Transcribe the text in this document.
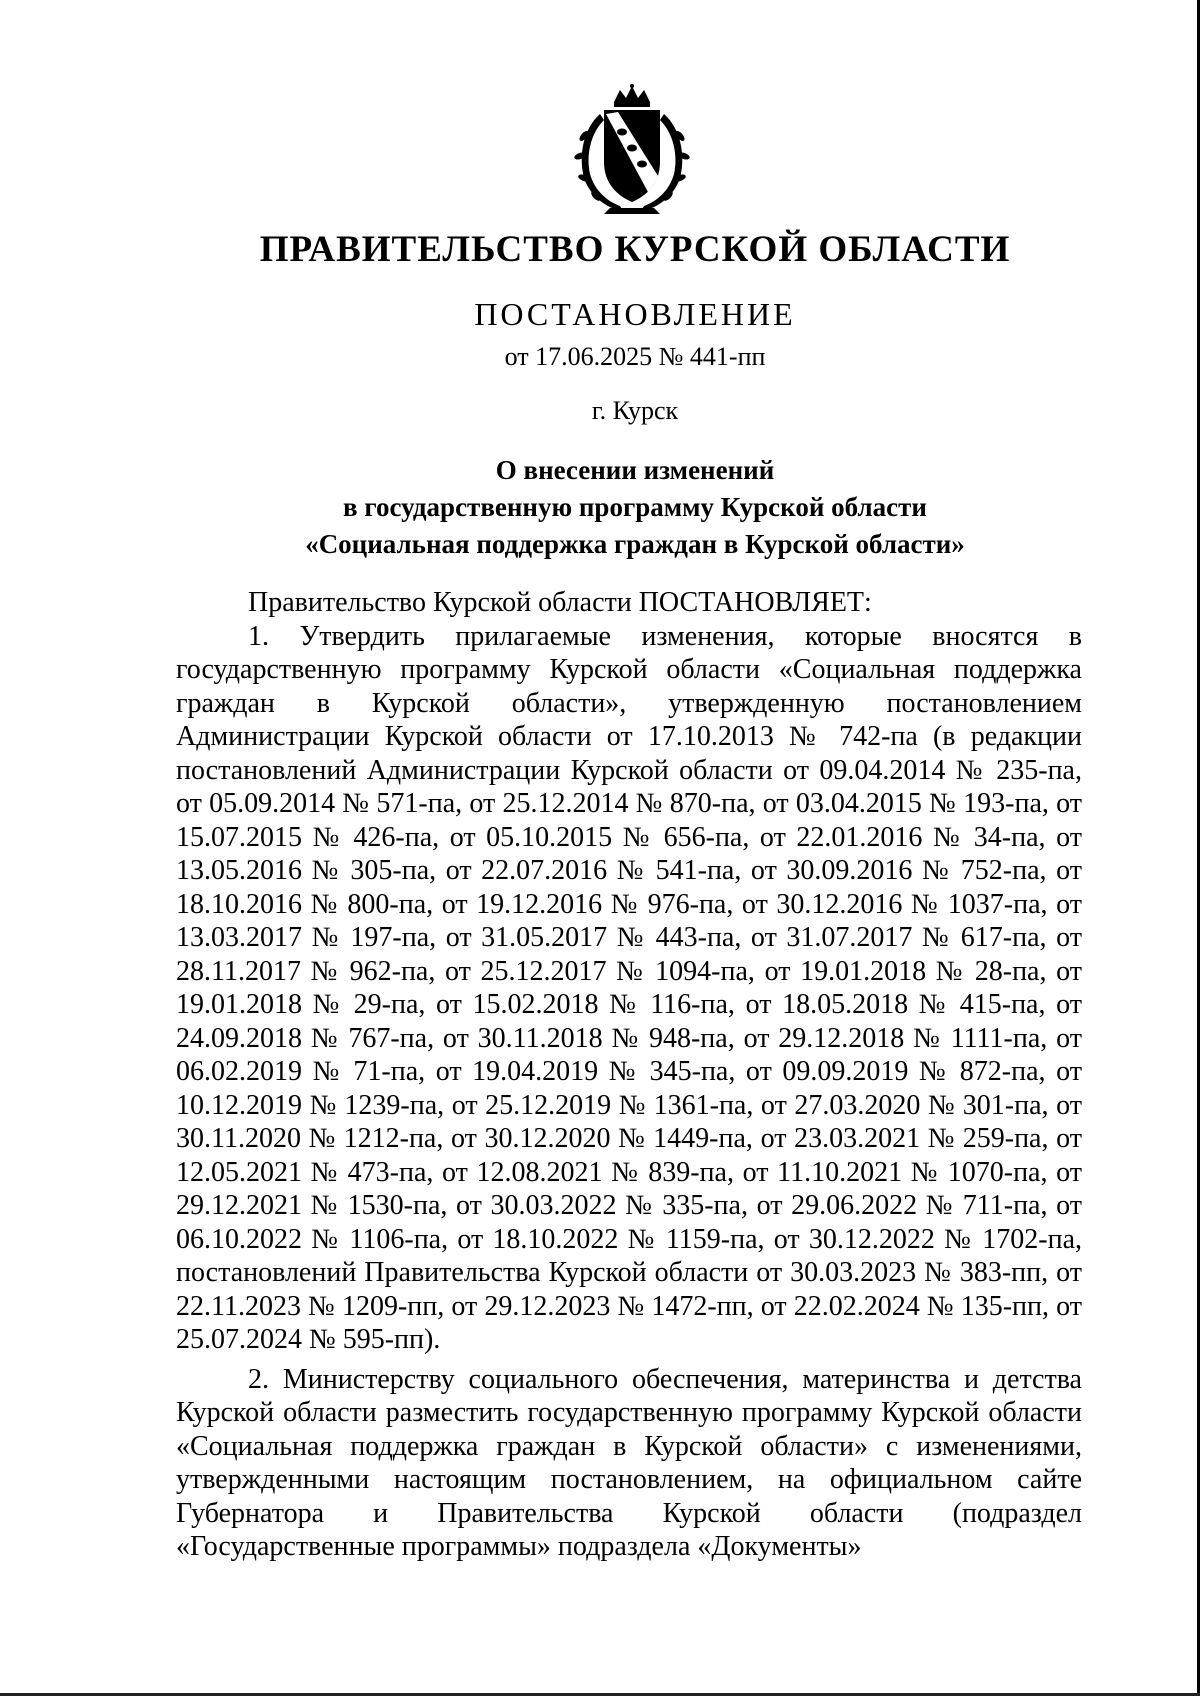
ПРАВИТЕЛЬСТВО КУРСКОЙ ОБЛАСТИ
ПОСТАНОВЛЕНИЕ
от 17.06.2025 № 441-пп
г. Курск
О внесении изменений
в государственную программу Курской области
«Социальная поддержка граждан в Курской области»

Правительство Курской области ПОСТАНОВЛЯЕТ:

1. Утвердить прилагаемые изменения, которые вносятся в государственную программу Курской области «Социальная поддержка граждан в Курской области», утвержденную постановлением Администрации Курской области от 17.10.2013 № 742-па (в редакции постановлений Администрации Курской области от 09.04.2014 № 235-па, от 05.09.2014 № 571-па, от 25.12.2014 № 870-па, от 03.04.2015 № 193-па, от 15.07.2015 № 426-па, от 05.10.2015 № 656-па, от 22.01.2016 № 34-па, от 13.05.2016 № 305-па, от 22.07.2016 № 541-па, от 30.09.2016 № 752-па, от 18.10.2016 № 800-па, от 19.12.2016 № 976-па, от 30.12.2016 № 1037-па, от 13.03.2017 № 197-па, от 31.05.2017 № 443-па, от 31.07.2017 № 617-па, от 28.11.2017 № 962-па, от 25.12.2017 № 1094-па, от 19.01.2018 № 28-па, от 19.01.2018 № 29-па, от 15.02.2018 № 116-па, от 18.05.2018 № 415-па, от 24.09.2018 № 767-па, от 30.11.2018 № 948-па, от 29.12.2018 № 1111-па, от 06.02.2019 № 71-па, от 19.04.2019 № 345-па, от 09.09.2019 № 872-па, от 10.12.2019 № 1239-па, от 25.12.2019 № 1361-па, от 27.03.2020 № 301-па, от 30.11.2020 № 1212-па, от 30.12.2020 № 1449-па, от 23.03.2021 № 259-па, от 12.05.2021 № 473-па, от 12.08.2021 № 839-па, от 11.10.2021 № 1070-па, от 29.12.2021 № 1530-па, от 30.03.2022 № 335-па, от 29.06.2022 № 711-па, от 06.10.2022 № 1106-па, от 18.10.2022 № 1159-па, от 30.12.2022 № 1702-па, постановлений Правительства Курской области от 30.03.2023 № 383-пп, от 22.11.2023 № 1209-пп, от 29.12.2023 № 1472-пп, от 22.02.2024 № 135-пп, от 25.07.2024 № 595-пп).

2. Министерству социального обеспечения, материнства и детства Курской области разместить государственную программу Курской области «Социальная поддержка граждан в Курской области» с изменениями, утвержденными настоящим постановлением, на официальном сайте Губернатора и Правительства Курской области (подраздел «Государственные программы» подраздела «Документы»
